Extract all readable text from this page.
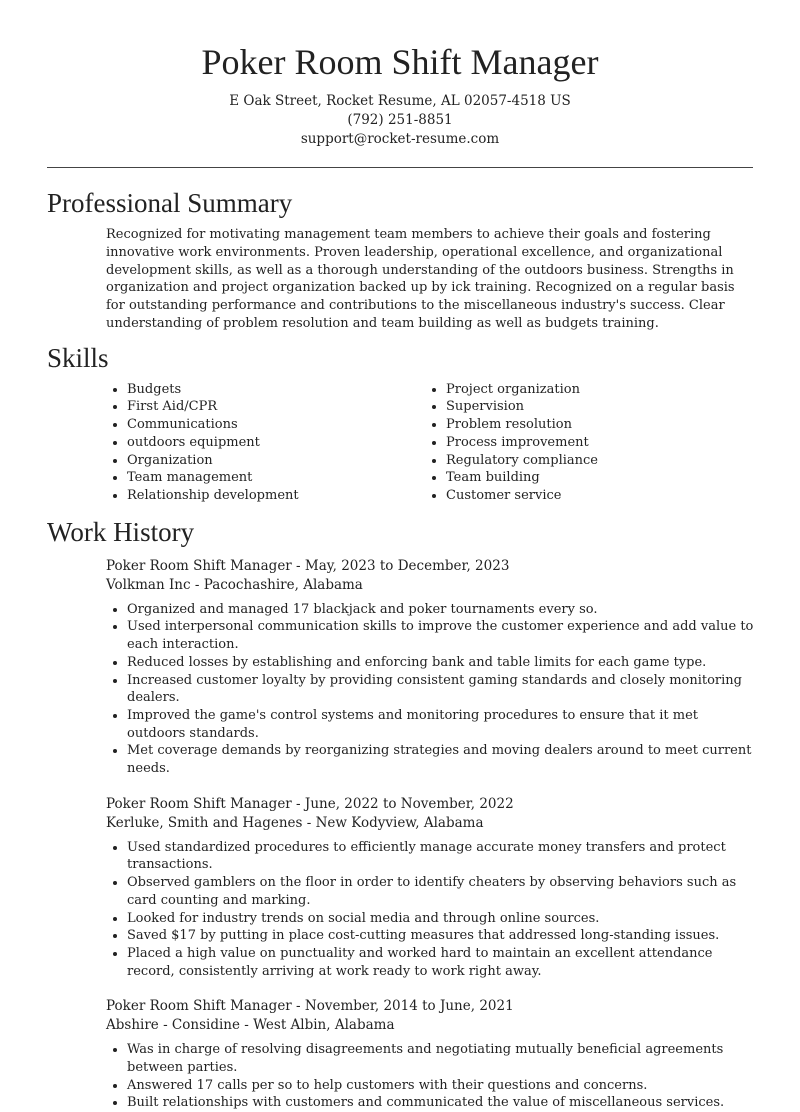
Poker Room Shift Manager
E Oak Street, Rocket Resume, AL 02057-4518 US
(792) 251-8851
support@rocket-resume.com
Professional Summary

Recognized for motivating management team members to achieve their goals and fostering innovative work environments. Proven leadership, operational excellence, and organizational development skills, as well as a thorough understanding of the outdoors business. Strengths in organization and project organization backed up by ick training. Recognized on a regular basis for outstanding performance and contributions to the miscellaneous industry's success. Clear understanding of problem resolution and team building as well as budgets training.

Skills
• Budgets
• First Aid/CPR
• Communications
• outdoors equipment
• Organization
• Team management
• Relationship development
• Project organization
• Supervision
• Problem resolution
• Process improvement
• Regulatory compliance
• Team building
• Customer service
Work History
Poker Room Shift Manager - May, 2023 to December, 2023
Volkman Inc - Pacochashire, Alabama
• Organized and managed 17 blackjack and poker tournaments every so.
• Used interpersonal communication skills to improve the customer experience and add value to each interaction.
• Reduced losses by establishing and enforcing bank and table limits for each game type.
• Increased customer loyalty by providing consistent gaming standards and closely monitoring dealers.
• Improved the game's control systems and monitoring procedures to ensure that it met outdoors standards.
• Met coverage demands by reorganizing strategies and moving dealers around to meet current needs.
Poker Room Shift Manager - June, 2022 to November, 2022
Kerluke, Smith and Hagenes - New Kodyview, Alabama
• Used standardized procedures to efficiently manage accurate money transfers and protect transactions.
• Observed gamblers on the floor in order to identify cheaters by observing behaviors such as card counting and marking.
• Looked for industry trends on social media and through online sources.
• Saved $17 by putting in place cost-cutting measures that addressed long-standing issues.
• Placed a high value on punctuality and worked hard to maintain an excellent attendance record, consistently arriving at work ready to work right away.
Poker Room Shift Manager - November, 2014 to June, 2021
Abshire - Considine - West Albin, Alabama
• Was in charge of resolving disagreements and negotiating mutually beneficial agreements between parties.
• Answered 17 calls per so to help customers with their questions and concerns.
• Built relationships with customers and communicated the value of miscellaneous services.
